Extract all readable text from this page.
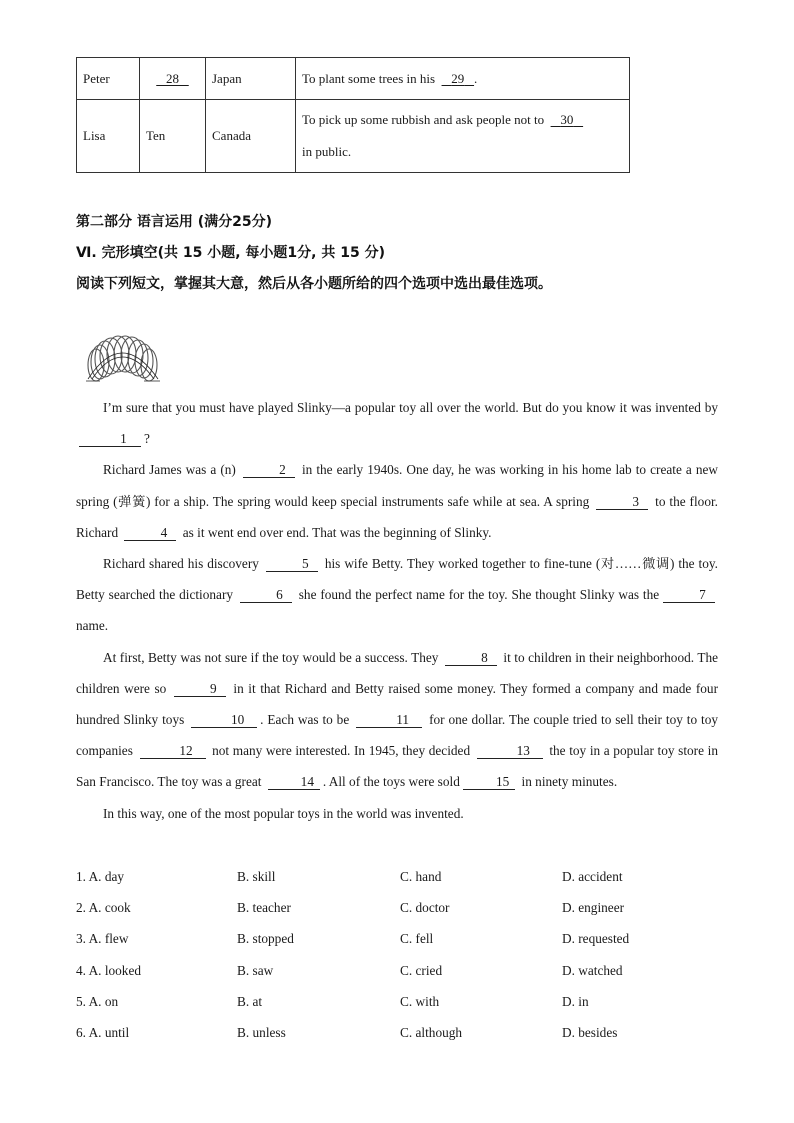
Peter	28	Japan	To plant some trees in his 29 .
Lisa	Ten	Canada	To pick up some rubbish and ask people not to 30
in public.
第二部分 语言运用 (满分25分)
Ⅵ. 完形填空(共 15 小题, 每小题1分, 共 15 分)
阅读下列短文，掌握其大意，然后从各小题所给的四个选项中选出最佳选项。

I’m sure that you must have played Slinky—a popular toy all over the world. But do you know it was invented by 1 ?

Richard James was a (n)	2 in the early 1940s. One day, he was working in his home lab to create a new spring (弹簧) for a ship. The spring would keep special instruments safe while at sea. A spring	3 to the floor. Richard	4 as it went end over end. That was the beginning of Slinky.

Richard shared his discovery	5 his wife Betty. They worked together to fine-tune (对……微调) the toy. Betty searched the dictionary	6 she found the perfect name for the toy. She thought Slinky was the	7 name.

At first, Betty was not sure if the toy would be a success. They	8 it to children in their neighborhood. The children were so	9 in it that Richard and Betty raised some money. They formed a company and made four hundred Slinky toys	10 . Each was to be	11 for one dollar. The couple tried to sell their toy to toy companies	12 not many were interested. In 1945, they decided	13 the toy in a popular toy store in San Francisco. The toy was a great	14 . All of the toys were sold	15 in ninety minutes.

In this way, one of the most popular toys in the world was invented.

1. A. day	B. skill	C. hand	D. accident
2. A. cook	B. teacher	C. doctor	D. engineer
3. A. flew	B. stopped	C. fell	D. requested
4. A. looked	B. saw	C. cried	D. watched
5. A. on	B. at	C. with	D. in
6. A. until	B. unless	C. although	D. besides
